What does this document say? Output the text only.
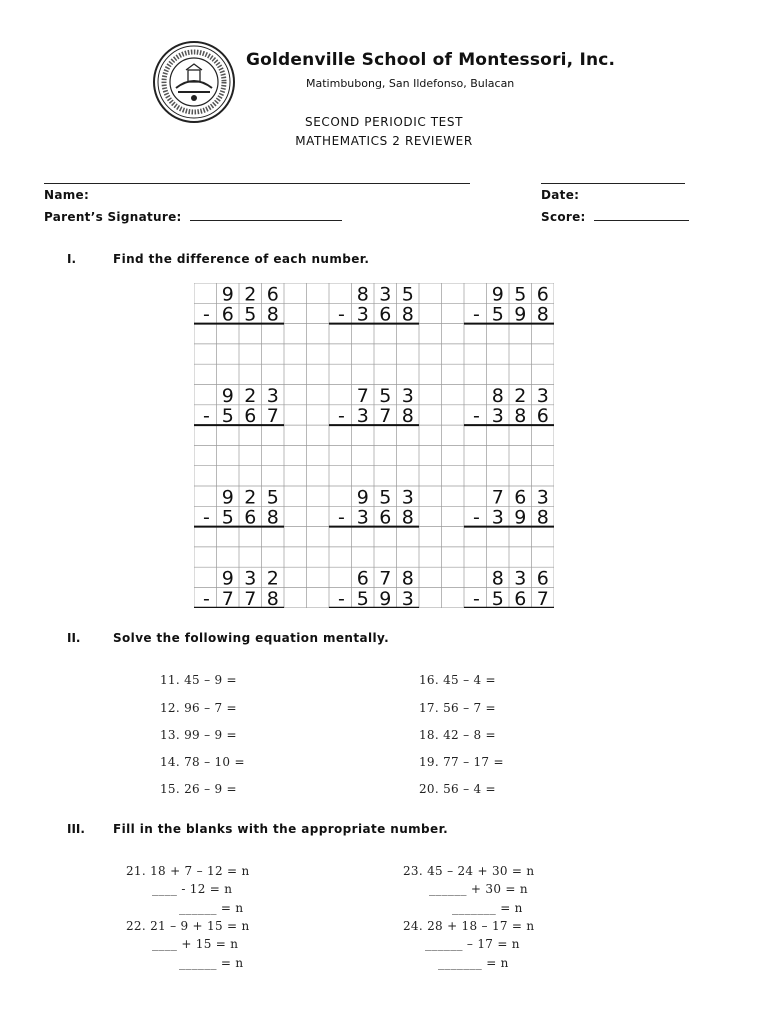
Goldenville School of Montessori, Inc.
Matimbubong, San Ildefonso, Bulacan
SECOND PERIODIC TEST
MATHEMATICS 2 REVIEWER
Name:	Date:
Parent’s Signature:	Score:
I.	Find the difference of each number.
9 2 6
- 6 5 8
8 3 5
- 3 6 8
9 5 6
- 5 9 8
9 2 3
- 5 6 7
7 5 3
- 3 7 8
8 2 3
- 3 8 6
9 2 5
- 5 6 8
9 5 3
- 3 6 8
7 6 3
- 3 9 8
9 3 2
- 7 7 8
6 7 8
- 5 9 3
8 3 6
- 5 6 7
II.	Solve the following equation mentally.
11. 45 – 9 =
12. 96 – 7 =
13. 99 – 9 =
14. 78 – 10 =
15. 26 – 9 =
16. 45 – 4 =
17. 56 – 7 =
18. 42 – 8 =
19. 77 – 17 =
20. 56 – 4 =
III. Fill in the blanks with the appropriate number.
21. 18 + 7 – 12 = n
____ - 12 = n
______ = n
22. 21 – 9 + 15 = n
____ + 15 = n
______ = n
23. 45 – 24 + 30 = n
______ + 30 = n
_______ = n
24. 28 + 18 – 17 = n
______ – 17 = n
_______ = n
